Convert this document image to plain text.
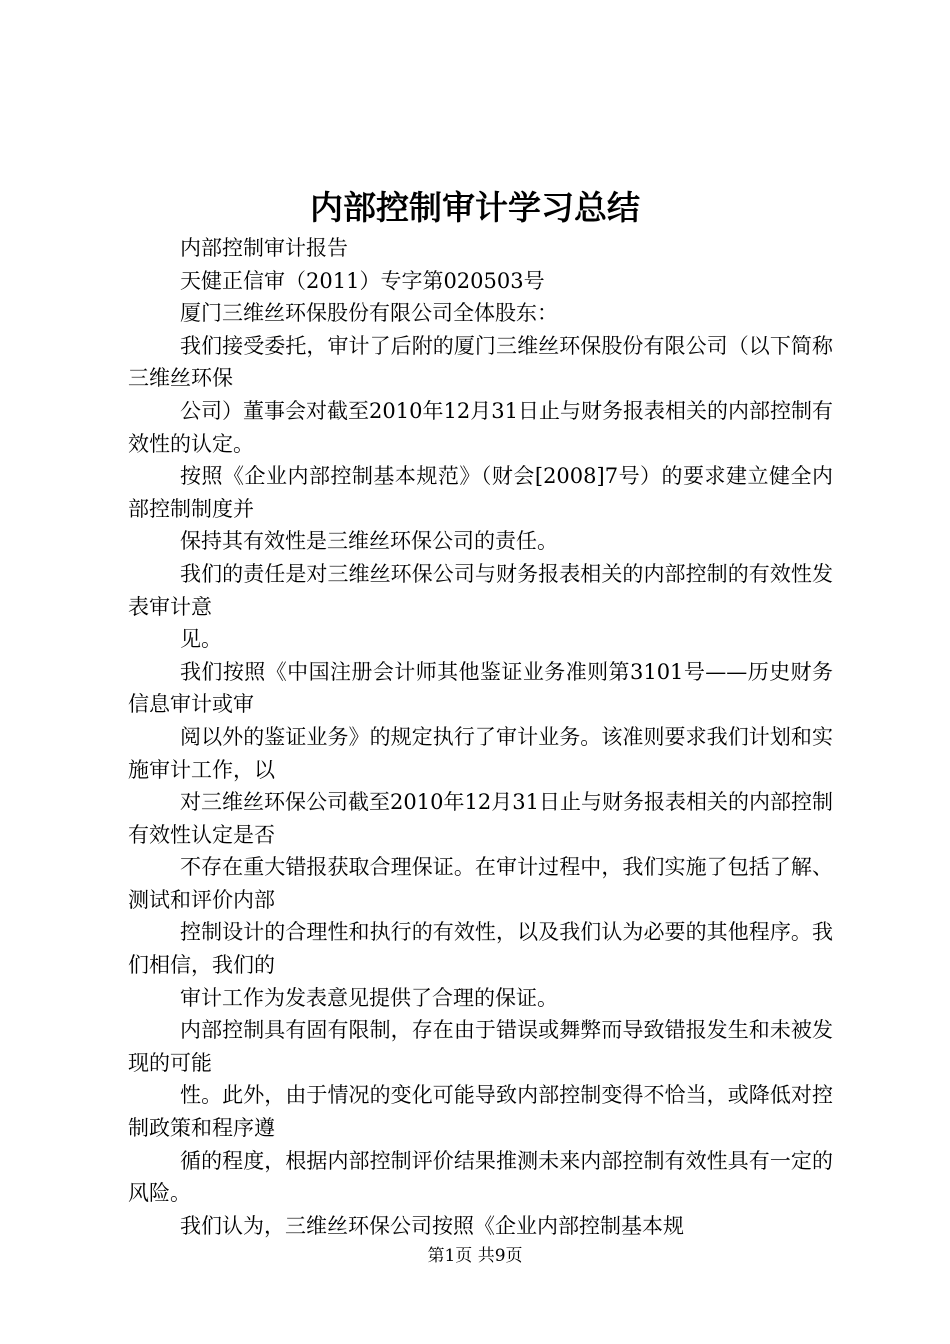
内部控制审计学习总结

内部控制审计报告

天健正信审（2011）专字第020503号

厦门三维丝环保股份有限公司全体股东：

我们接受委托，审计了后附的厦门三维丝环保股份有限公司（以下简称三维丝环保

公司）董事会对截至2010年12月31日止与财务报表相关的内部控制有效性的认定。

按照《企业内部控制基本规范》（财会[2008]7号）的要求建立健全内部控制制度并

保持其有效性是三维丝环保公司的责任。

我们的责任是对三维丝环保公司与财务报表相关的内部控制的有效性发表审计意

见。

我们按照《中国注册会计师其他鉴证业务准则第3101号——历史财务信息审计或审

阅以外的鉴证业务》的规定执行了审计业务。该准则要求我们计划和实施审计工作，以

对三维丝环保公司截至2010年12月31日止与财务报表相关的内部控制有效性认定是否

不存在重大错报获取合理保证。在审计过程中，我们实施了包括了解、测试和评价内部

控制设计的合理性和执行的有效性，以及我们认为必要的其他程序。我们相信，我们的

审计工作为发表意见提供了合理的保证。

内部控制具有固有限制，存在由于错误或舞弊而导致错报发生和未被发现的可能

性。此外，由于情况的变化可能导致内部控制变得不恰当，或降低对控制政策和程序遵

循的程度，根据内部控制评价结果推测未来内部控制有效性具有一定的风险。

我们认为，三维丝环保公司按照《企业内部控制基本规

第1页 共9页
